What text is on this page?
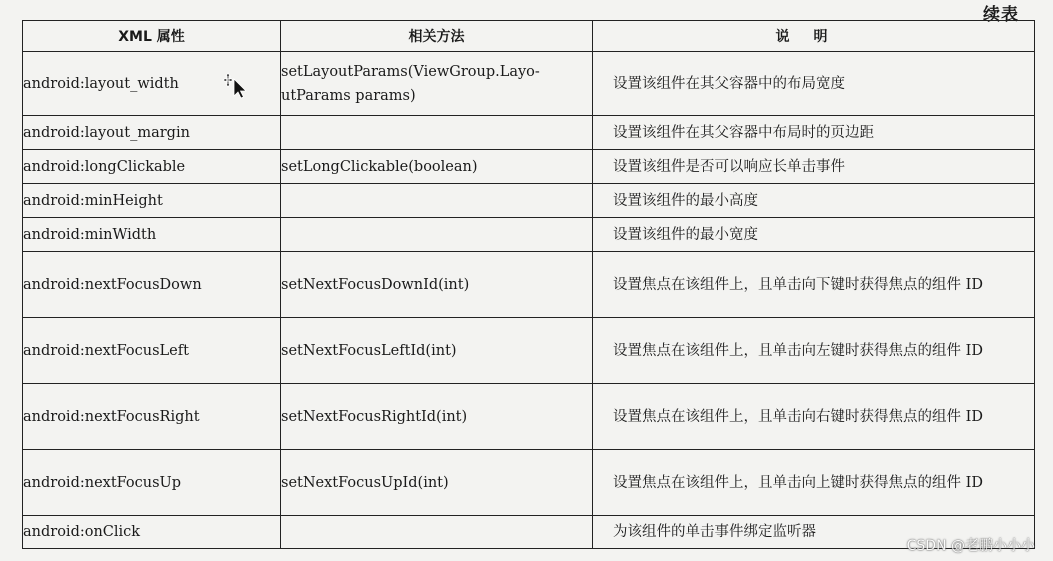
续表
XML 属性	相关方法	说明
android:layout_width	setLayoutParams(ViewGroup.Layo-utParams params)	设置该组件在其父容器中的布局宽度
android:layout_margin		设置该组件在其父容器中布局时的页边距
android:longClickable	setLongClickable(boolean)	设置该组件是否可以响应长单击事件
android:minHeight		设置该组件的最小高度
android:minWidth		设置该组件的最小宽度
android:nextFocusDown	setNextFocusDownId(int)	设置焦点在该组件上，且单击向下键时获得焦点的组件 ID
android:nextFocusLeft	setNextFocusLeftId(int)	设置焦点在该组件上，且单击向左键时获得焦点的组件 ID
android:nextFocusRight	setNextFocusRightId(int)	设置焦点在该组件上，且单击向右键时获得焦点的组件 ID
android:nextFocusUp	setNextFocusUpId(int)	设置焦点在该组件上，且单击向上键时获得焦点的组件 ID
android:onClick		为该组件的单击事件绑定监听器
CSDN @老鹏小小小
